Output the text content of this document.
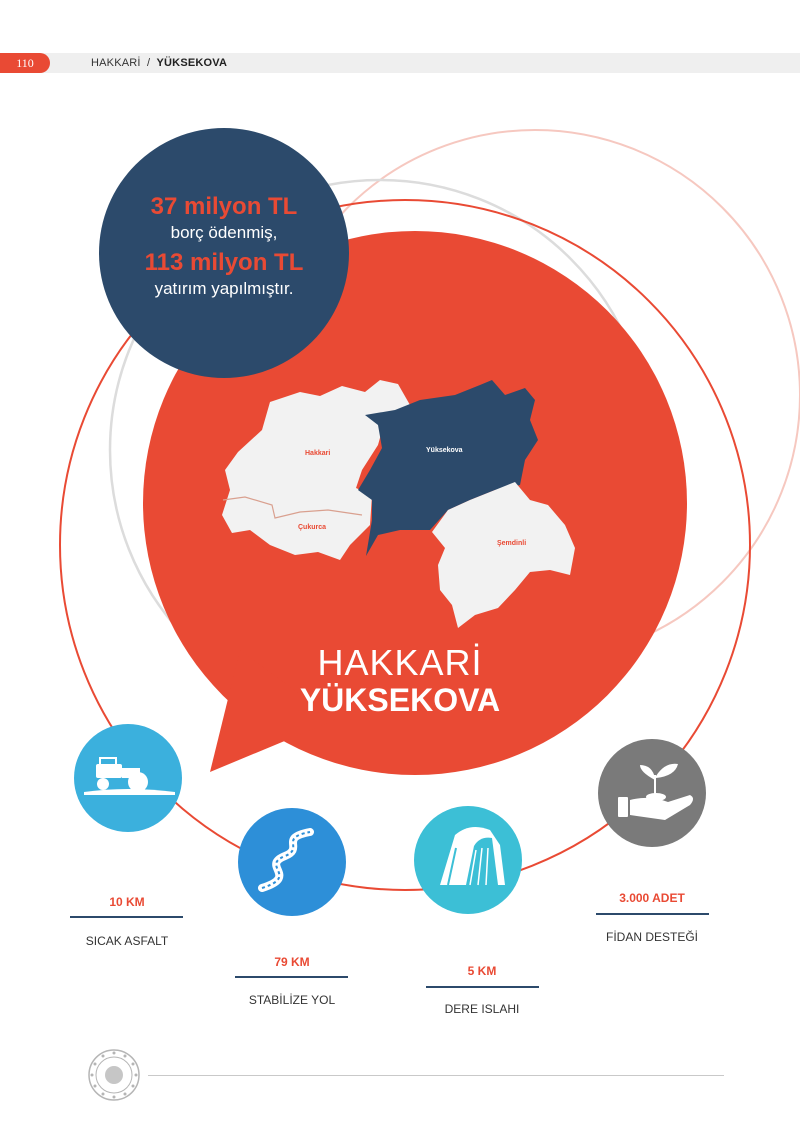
110	HAKKARİ / YÜKSEKOVA
37 milyon TL
borç ödenmiş,
113 milyon TL
yatırım yapılmıştır.
Hakkari	Yüksekova
Çukurca
Şemdinli
HAKKARİ
YÜKSEKOVA
10 KM
SICAK ASFALT
79 KM
STABİLİZE YOL
5 KM
DERE ISLAHI
3.000 ADET
FİDAN DESTEĞİ
